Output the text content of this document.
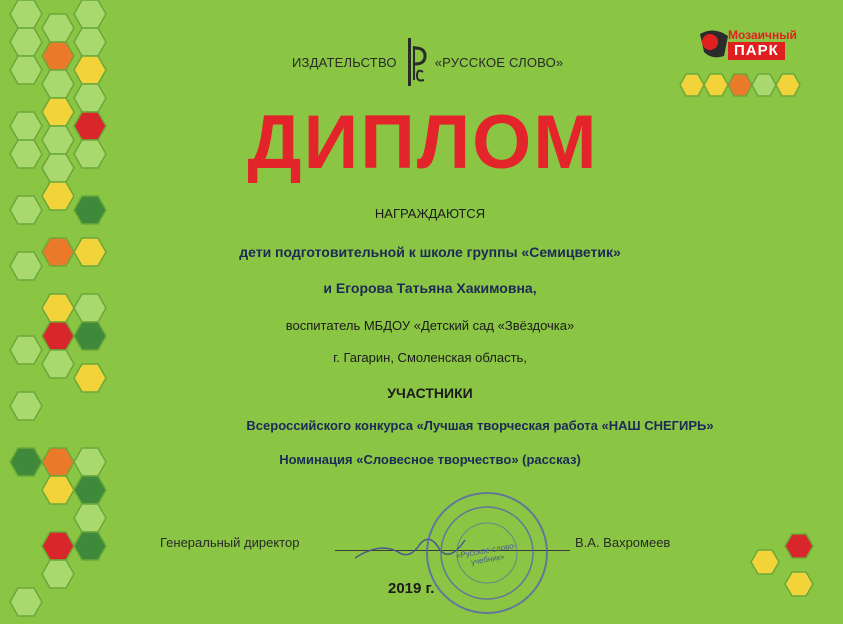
ИЗДАТЕЛЬСТВО	«РУССКОЕ СЛОВО»
Мозаичный
ПАРК
ДИПЛОМ
НАГРАЖДАЮТСЯ
дети подготовительной к школе группы «Семицветик»
и Егорова Татьяна Хакимовна,
воспитатель МБДОУ «Детский сад «Звёздочка»
г. Гагарин, Смоленская область,
УЧАСТНИКИ
Всероссийского конкурса «Лучшая творческая работа «НАШ СНЕГИРЬ»
Номинация «Словесное творчество» (рассказ)
Генеральный директор	«Русское слово-учебник»
В.А. Вахромеев
2019 г.
